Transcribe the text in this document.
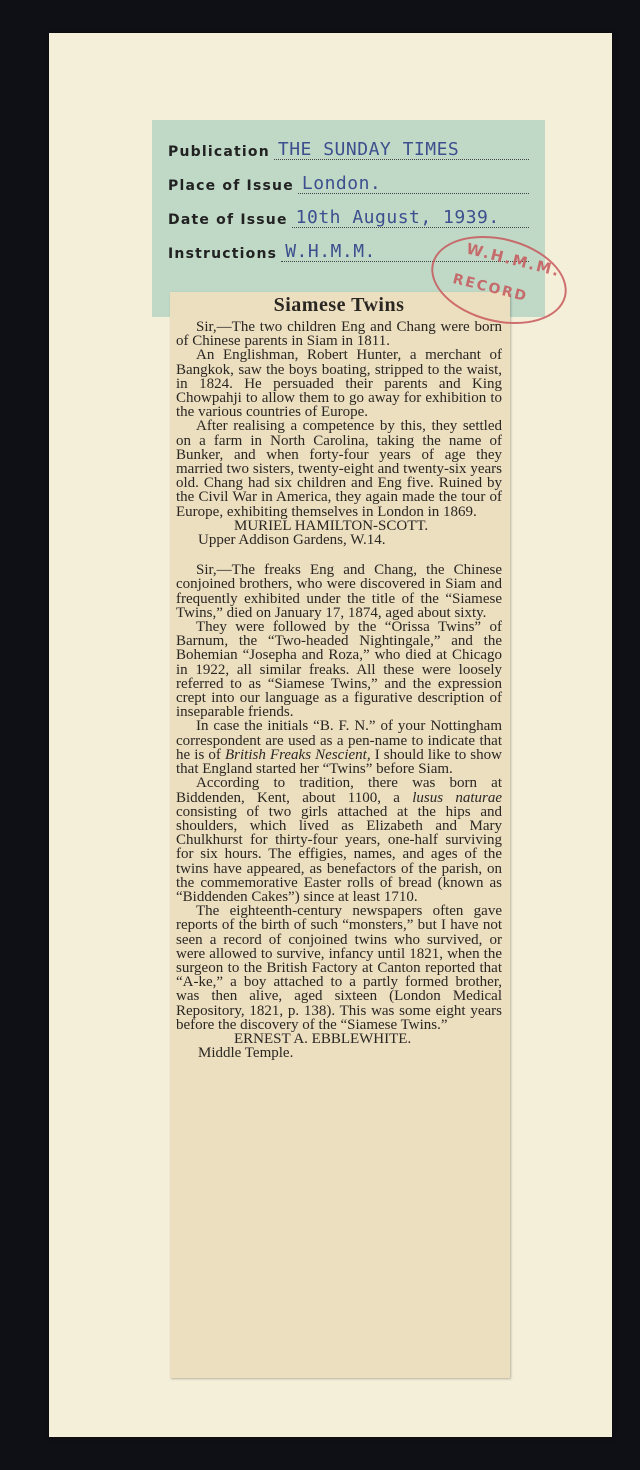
Publication THE SUNDAY TIMES
Place of Issue London.
Date of Issue 10th August, 1939.
Instructions W.H.M.M.
Siamese Twins

Sir,—The two children Eng and Chang were born of Chinese parents in Siam in 1811.

An Englishman, Robert Hunter, a merchant of Bangkok, saw the boys boating, stripped to the waist, in 1824. He persuaded their parents and King Chowpahji to allow them to go away for exhibition to the various countries of Europe.

After realising a competence by this, they settled on a farm in North Carolina, taking the name of Bunker, and when forty-four years of age they married two sisters, twenty-eight and twenty-six years old. Chang had six children and Eng five. Ruined by the Civil War in America, they again made the tour of Europe, exhibiting themselves in London in 1869.

MURIEL HAMILTON-SCOTT.

Upper Addison Gardens, W.14.

Sir,—The freaks Eng and Chang, the Chinese conjoined brothers, who were discovered in Siam and frequently exhibited under the title of the “Siamese Twins,” died on January 17, 1874, aged about sixty.

They were followed by the “Orissa Twins” of Barnum, the “Two-headed Nightingale,” and the Bohemian “Josepha and Roza,” who died at Chicago in 1922, all similar freaks. All these were loosely referred to as “Siamese Twins,” and the expression crept into our language as a figurative description of inseparable friends.

In case the initials “B. F. N.” of your Nottingham correspondent are used as a pen-name to indicate that he is of British Freaks Nescient, I should like to show that England started her “Twins” before Siam.

According to tradition, there was born at Biddenden, Kent, about 1100, a lusus naturae consisting of two girls attached at the hips and shoulders, which lived as Elizabeth and Mary Chulkhurst for thirty-four years, one-half surviving for six hours. The effigies, names, and ages of the twins have appeared, as benefactors of the parish, on the commemorative Easter rolls of bread (known as “Biddenden Cakes”) since at least 1710.

The eighteenth-century newspapers often gave reports of the birth of such “monsters,” but I have not seen a record of conjoined twins who survived, or were allowed to survive, infancy until 1821, when the surgeon to the British Factory at Canton reported that “A-ke,” a boy attached to a partly formed brother, was then alive, aged sixteen (London Medical Repository, 1821, p. 138). This was some eight years before the discovery of the “Siamese Twins.”

ERNEST A. EBBLEWHITE.

Middle Temple.

W.H.M.M.
RECORD
